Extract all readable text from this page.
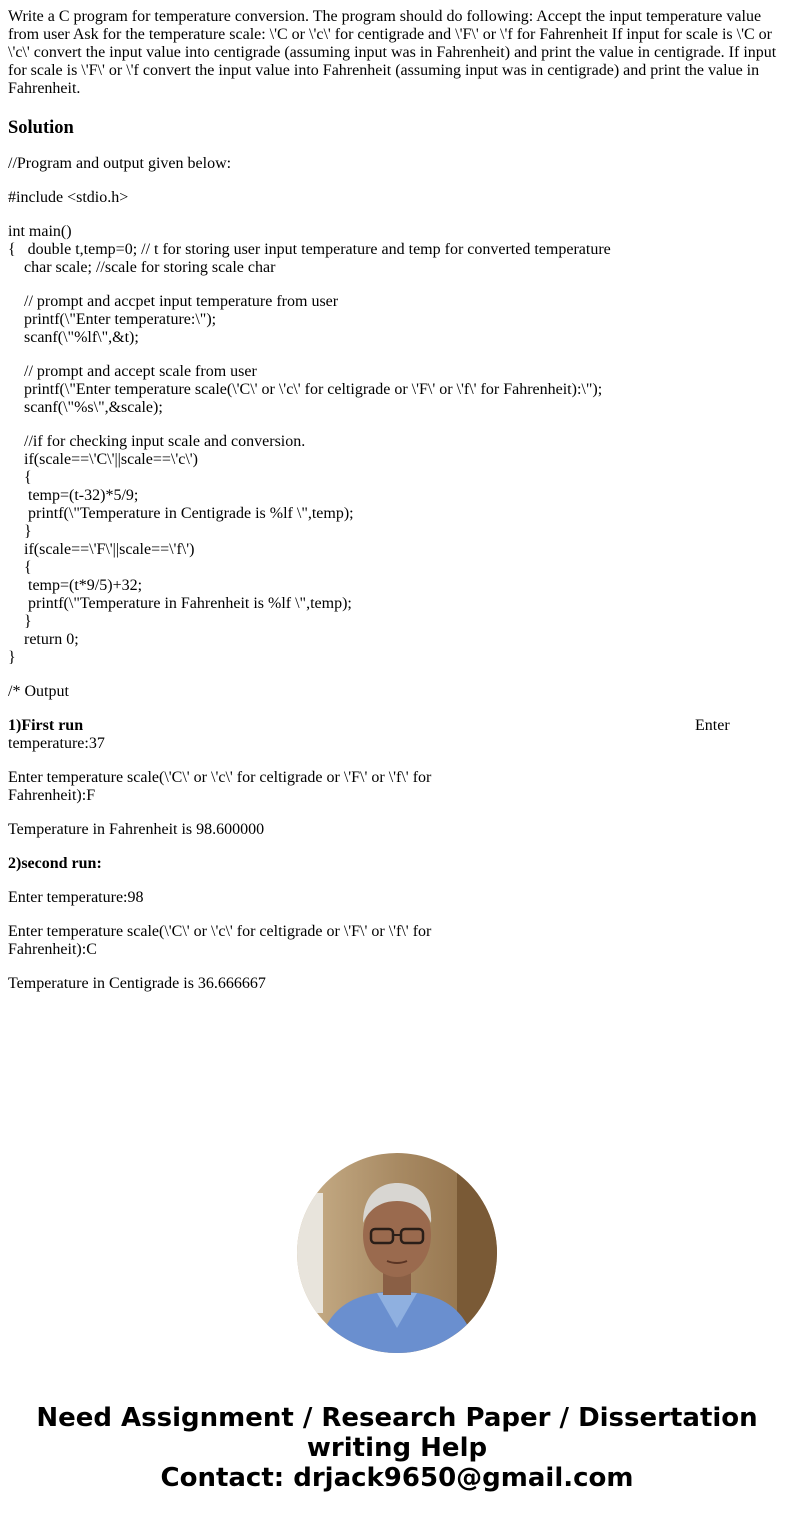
Write a C program for temperature conversion. The program should do following: Accept the input temperature value from user Ask for the temperature scale: \'C or \'c\' for centigrade and \'F\' or \'f for Fahrenheit If input for scale is \'C or \'c\' convert the input value into centigrade (assuming input was in Fahrenheit) and print the value in centigrade. If input for scale is \'F\' or \'f convert the input value into Fahrenheit (assuming input was in centigrade) and print the value in Fahrenheit.

Solution

//Program and output given below:

#include <stdio.h>

int main()
{   double t,temp=0; // t for storing user input temperature and temp for converted temperature
char scale; //scale for storing scale char
// prompt and accpet input temperature from user
printf(\"Enter temperature:\");
scanf(\"%lf\",&t);
// prompt and accept scale from user
printf(\"Enter temperature scale(\'C\' or \'c\' for celtigrade or \'F\' or \'f\' for Fahrenheit):\");
scanf(\"%s\",&scale);
//if for checking input scale and conversion.
if(scale==\'C\'||scale==\'c\')
{
temp=(t-32)*5/9;
printf(\"Temperature in Centigrade is %lf \",temp);
}
if(scale==\'F\'||scale==\'f\')
{
temp=(t*9/5)+32;
printf(\"Temperature in Fahrenheit is %lf \",temp);
}
return 0;
}

/* Output

1)First run	Enter
temperature:37
Enter temperature scale(\'C\' or \'c\' for celtigrade or \'F\' or \'f\' for
Fahrenheit):F

Temperature in Fahrenheit is 98.600000

2)second run:

Enter temperature:98

Enter temperature scale(\'C\' or \'c\' for celtigrade or \'F\' or \'f\' for
Fahrenheit):C

Temperature in Centigrade is 36.666667

Need Assignment / Research Paper / Dissertation
writing Help
Contact: drjack9650@gmail.com
